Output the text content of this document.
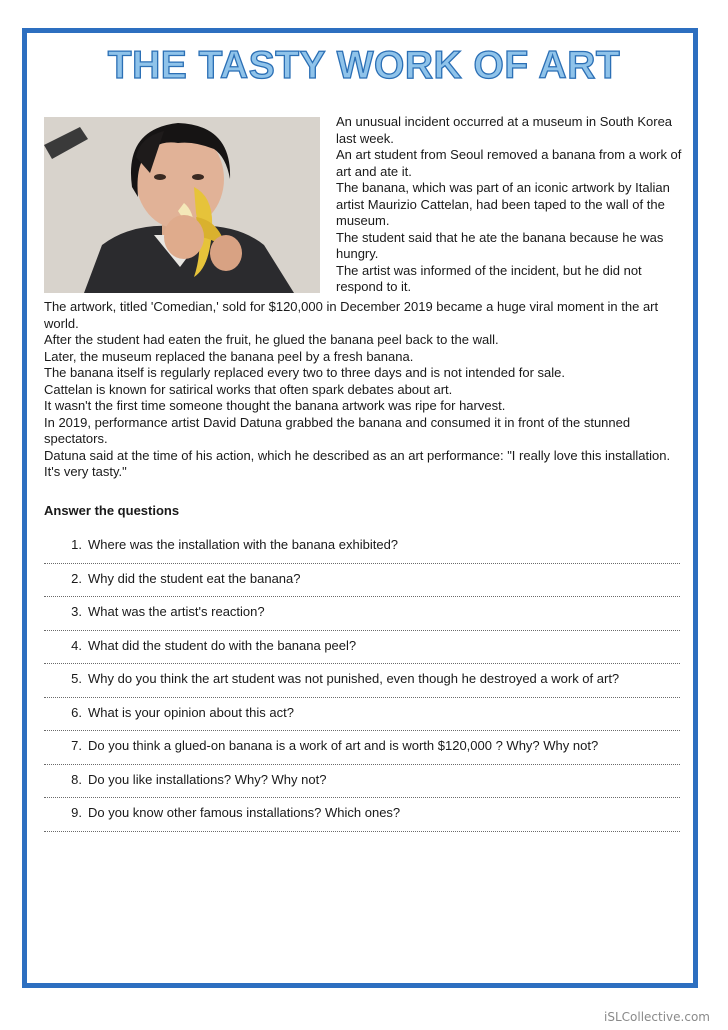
THE TASTY WORK OF ART

An unusual incident occurred at a museum in South Korea last week.

An art student from Seoul removed a banana from a work of art and ate it.

The banana, which was part of an iconic artwork by Italian artist Maurizio Cattelan, had been taped to the wall of the museum.

The student said that he ate the banana because he was hungry.

The artist was informed of the incident, but he did not respond to it.

The artwork, titled 'Comedian,' sold for $120,000 in December 2019 became a huge viral moment in the art world.

After the student had eaten the fruit, he glued the banana peel back to the wall.

Later, the museum replaced the banana peel by a fresh banana.

The banana itself is regularly replaced every two to three days and is not intended for sale.

Cattelan is known for satirical works that often spark debates about art.

It wasn't the first time someone thought the banana artwork was ripe for harvest.

In 2019, performance artist David Datuna grabbed the banana and consumed it in front of the stunned spectators.

Datuna said at the time of his action, which he described as an art performance: "I really love this installation. It's very tasty."

Answer the questions
1. Where was the installation with the banana exhibited?
2. Why did the student eat the banana?
3. What was the artist's reaction?
4. What did the student do with the banana peel?
5. Why do you think the art student was not punished, even though he destroyed a work of art?
6. What is your opinion about this act?
7. Do you think a glued-on banana is a work of art and is worth $120,000 ? Why? Why not?
8. Do you like installations? Why? Why not?
9. Do you know other famous installations? Which ones?
iSLCollective.com
